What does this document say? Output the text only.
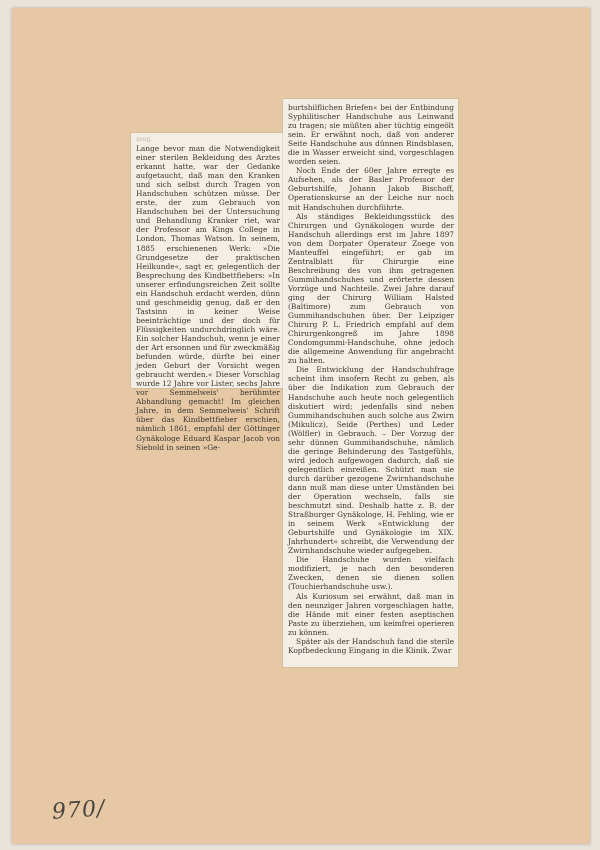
zeug.

Lange bevor man die Notwendigkeit einer sterilen Bekleidung des Arztes erkannt hatte, war der Gedanke aufgetaucht, daß man den Kranken und sich selbst durch Tragen von Handschuhen schützen müsse. Der erste, der zum Gebrauch von Handschuhen bei der Untersuchung und Behandlung Kranker riet, war der Professor am Kings College in London, Thomas Watson. In seinem, 1885 erschienenen Werk: »Die Grundgesetze der praktischen Heilkunde«, sagt er, gelegentlich der Besprechung des Kindbettfiebers: »In unserer erfindungsreichen Zeit sollte ein Handschuh erdacht werden, dünn und geschmeidig genug, daß er den Tastsinn in keiner Weise beeinträchtige und der doch für Flüssigkeiten undurchdringlich wäre. Ein solcher Handschuh, wenn je einer der Art ersonnen und für zweckmäßig befunden würde, dürfte bei einer jeden Geburt der Vorsicht wegen gebraucht werden.« Dieser Vorschlag wurde 12 Jahre vor Lister, sechs Jahre vor Semmelweis' berühmter Abhandlung gemacht! Im gleichen Jahre, in dem Semmelweis' Schrift über das Kindbettfieber erschien, nämlich 1861, empfahl der Göttinger Gynäkologe Eduard Kaspar Jacob von Siebold in seinen »Ge-

burtshilflichen Briefen« bei der Entbindung Syphilitischer Handschuhe aus Leinwand zu tragen; sie müßten aber tüchtig eingeölt sein. Er erwähnt noch, daß von anderer Seite Handschuhe aus dünnen Rindsblasen, die in Wasser erweicht sind, vorgeschlagen worden seien.

Noch Ende der 60er Jahre erregte es Aufsehen, als der Basler Professor der Geburtshilfe, Johann Jakob Bischoff, Operationskurse an der Leiche nur noch mit Handschuhen durchführte.

Als ständiges Bekleidungsstück des Chirurgen und Gynäkologen wurde der Handschuh allerdings erst im Jahre 1897 von dem Dorpater Operateur Zoege von Manteuffel eingeführt; er gab im Zentralblatt für Chirurgie eine Beschreibung des von ihm getragenen Gummihandschuhes und erörterte dessen Vorzüge und Nachteile. Zwei Jahre darauf ging der Chirurg William Halsted (Baltimore) zum Gebrauch von Gummihandschuhen über. Der Leipziger Chirurg P. L. Friedrich empfahl auf dem Chirurgenkongreß im Jahre 1898 Condomgummi-Handschuhe, ohne jedoch die allgemeine Anwendung für angebracht zu halten.

Die Entwicklung der Handschuhfrage scheint ihm insofern Recht zu geben, als über die Indikation zum Gebrauch der Handschuhe auch heute noch gelegentlich diskutiert wird; jedenfalls sind neben Gummihandschuhen auch solche aus Zwirn (Mikulicz), Seide (Perthes) und Leder (Wölfler) in Gebrauch. – Der Vorzug der sehr dünnen Gummihandschuhe, nämlich die geringe Behinderung des Tastgefühls, wird jedoch aufgewogen dadurch, daß sie gelegentlich einreißen. Schützt man sie durch darüber gezogene Zwirnhandschuhe dann muß man diese unter Umständen bei der Operation wechseln, falls sie beschmutzt sind. Deshalb hatte z. B. der Straßburger Gynäkologe, H. Fehling, wie er in seinem Werk »Entwicklung der Geburtshilfe und Gynäkologie im XIX. Jahrhundert« schreibt, die Verwendung der Zwirnhandschuhe wieder aufgegeben.

Die Handschuhe wurden vielfach modifiziert, je nach den besonderen Zwecken, denen sie dienen sollen (Touchierhandschuhe usw.).

Als Kuriosum sei erwähnt, daß man in den neunziger Jahren vorgeschlagen hatte, die Hände mit einer festen aseptischen Paste zu überziehen, um keimfrei operieren zu können.

Später als der Handschuh fand die sterile Kopfbedeckung Eingang in die Klinik. Zwar

970/
